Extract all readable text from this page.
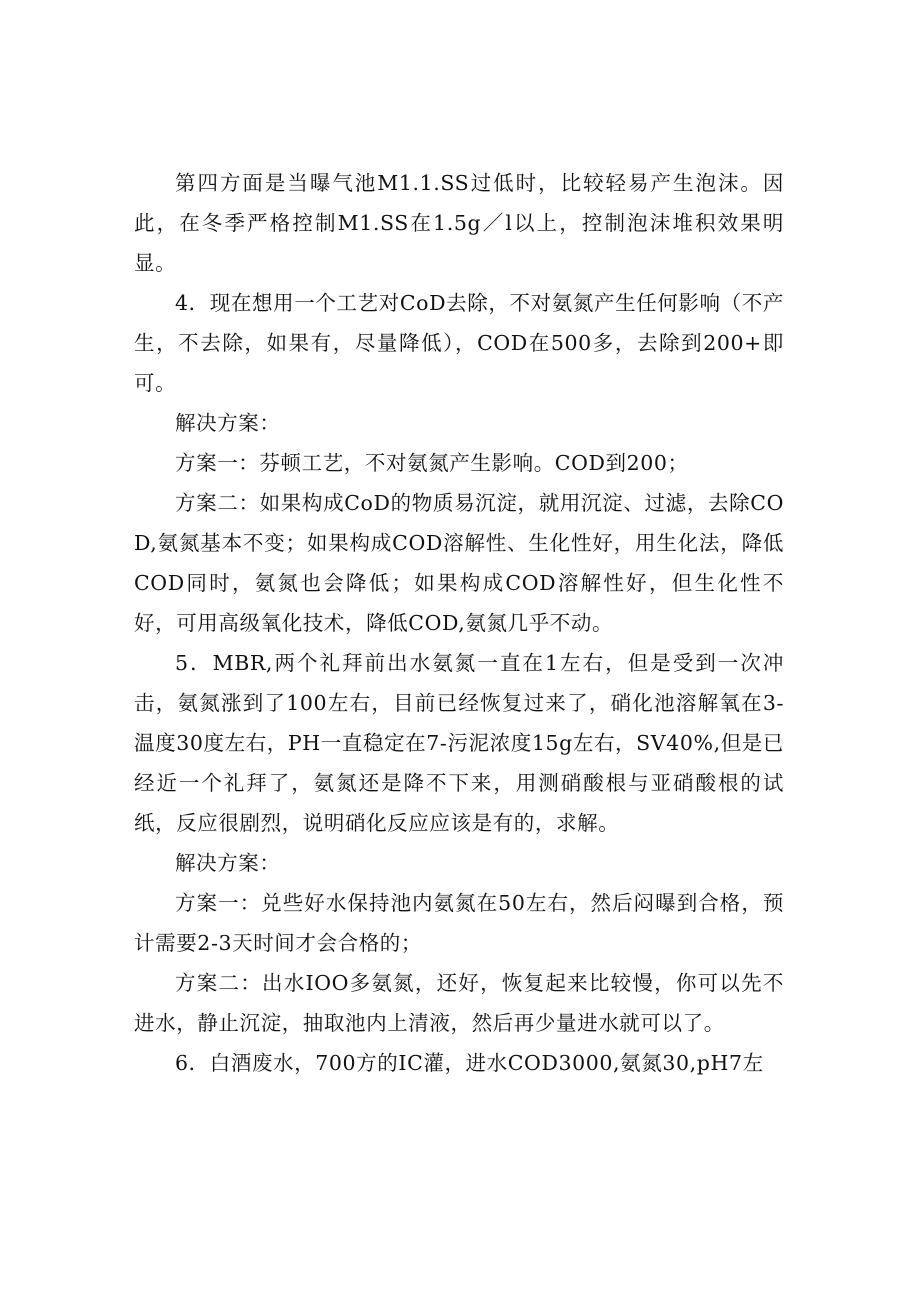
第四方面是当曝气池M1.1.SS过低时，比较轻易产生泡沫。因此，在冬季严格控制M1.SS在1.5g／l以上，控制泡沫堆积效果明显。

4．现在想用一个工艺对CoD去除，不对氨氮产生任何影响（不产生，不去除，如果有，尽量降低），COD在500多，去除到200+即可。

解决方案：

方案一：芬顿工艺，不对氨氮产生影响。COD到200；

方案二：如果构成CoD的物质易沉淀，就用沉淀、过滤，去除COD,氨氮基本不变；如果构成COD溶解性、生化性好，用生化法，降低COD同时，氨氮也会降低；如果构成COD溶解性好，但生化性不好，可用高级氧化技术，降低COD,氨氮几乎不动。

5．MBR,两个礼拜前出水氨氮一直在1左右，但是受到一次冲击，氨氮涨到了100左右，目前已经恢复过来了，硝化池溶解氧在3-温度30度左右，PH一直稳定在7-污泥浓度15g左右，SV40%,但是已经近一个礼拜了，氨氮还是降不下来，用测硝酸根与亚硝酸根的试纸，反应很剧烈，说明硝化反应应该是有的，求解。

解决方案：

方案一：兑些好水保持池内氨氮在50左右，然后闷曝到合格，预计需要2-3天时间才会合格的；

方案二：出水IOO多氨氮，还好，恢复起来比较慢，你可以先不进水，静止沉淀，抽取池内上清液，然后再少量进水就可以了。

6．白酒废水，700方的IC灌，进水COD3000,氨氮30,pH7左
